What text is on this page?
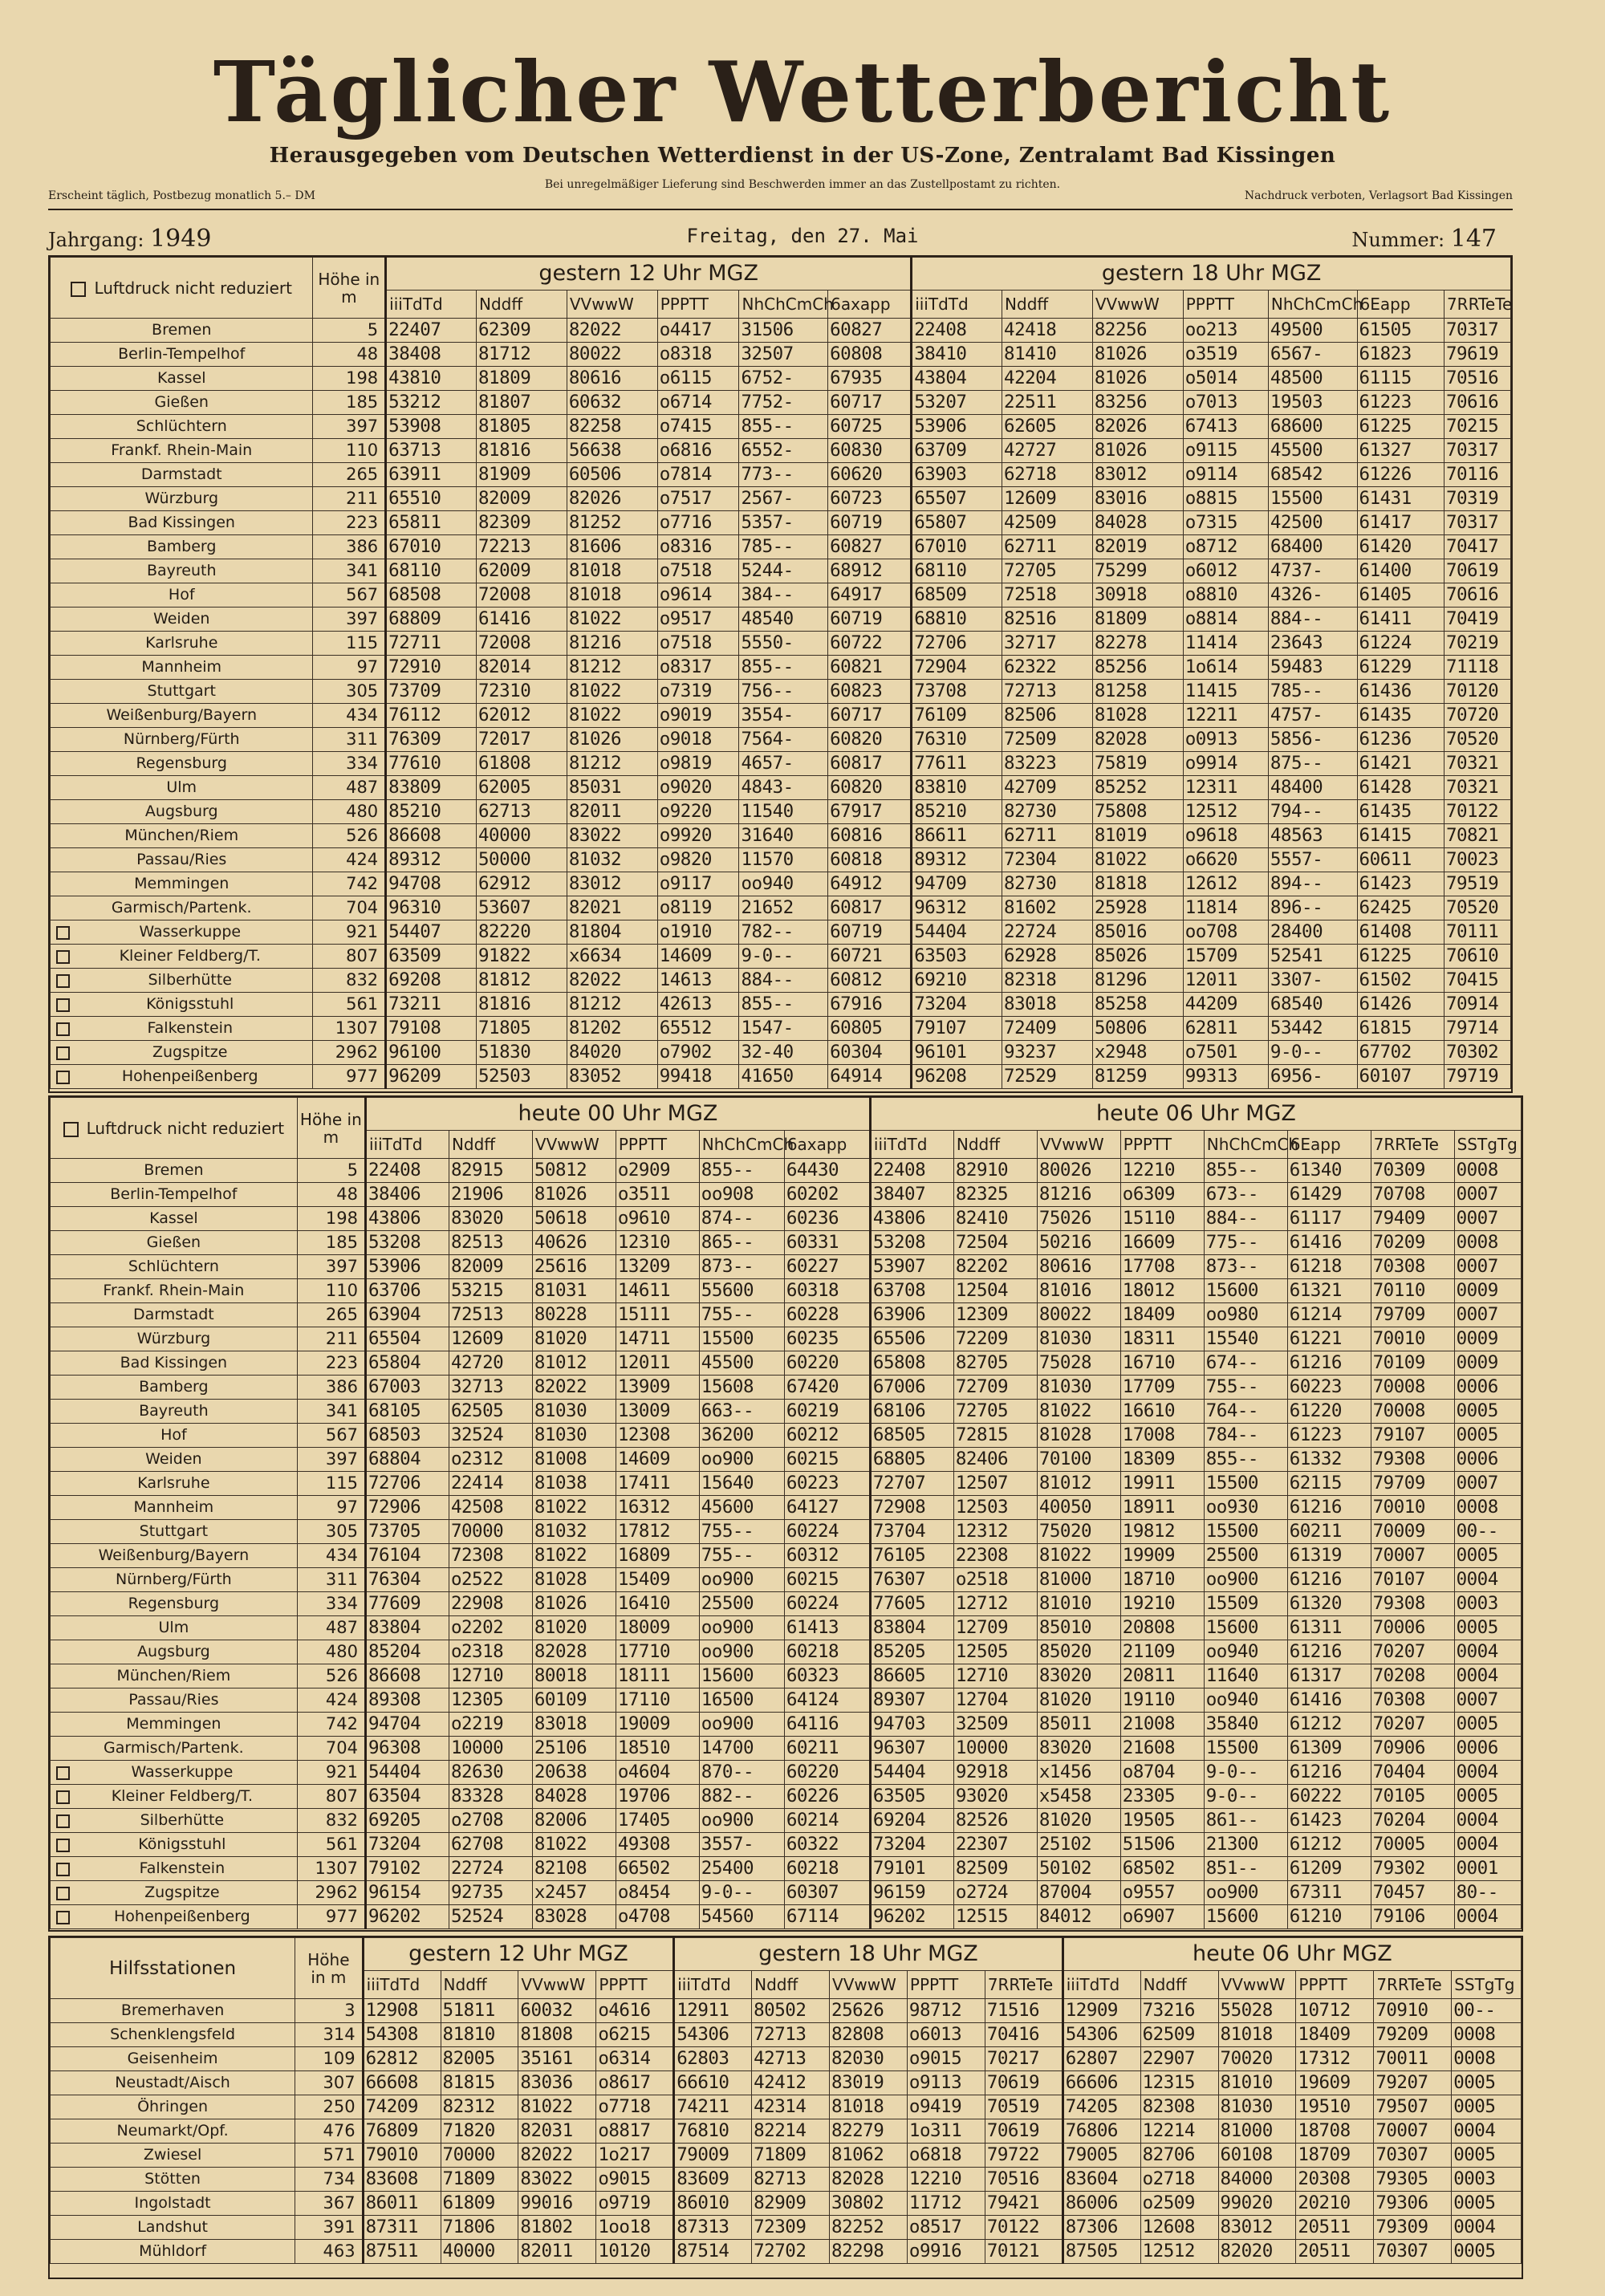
Täglicher Wetterbericht
Herausgegeben vom Deutschen Wetterdienst in der US-Zone, Zentralamt Bad Kissingen
Bei unregelmäßiger Lieferung sind Beschwerden immer an das Zustellpostamt zu richten.
Erscheint täglich, Postbezug monatlich 5.– DM	Nachdruck verboten, Verlagsort Bad Kissingen
Jahrgang: 1949	Freitag, den 27. Mai	Nummer: 147
Luftdruck nicht reduziert	Höhe in m	gestern 12 Uhr MGZ						gestern 18 Uhr MGZ						
		iiiTdTd	Nddff	VVwwW	PPPTT	NhChCmCh	6axapp	iiiTdTd	Nddff	VVwwW	PPPTT	NhChCmCh	6Eapp	7RRTeTe
Bremen	5	22407	62309	82022	o4417	31506	60827	22408	42418	82256	oo213	49500	61505	70317
Berlin-Tempelhof	48	38408	81712	80022	o8318	32507	60808	38410	81410	81026	o3519	6567-	61823	79619
Kassel	198	43810	81809	80616	o6115	6752-	67935	43804	42204	81026	o5014	48500	61115	70516
Gießen	185	53212	81807	60632	o6714	7752-	60717	53207	22511	83256	o7013	19503	61223	70616
Schlüchtern	397	53908	81805	82258	o7415	855--	60725	53906	62605	82026	67413	68600	61225	70215
Frankf. Rhein-Main	110	63713	81816	56638	o6816	6552-	60830	63709	42727	81026	o9115	45500	61327	70317
Darmstadt	265	63911	81909	60506	o7814	773--	60620	63903	62718	83012	o9114	68542	61226	70116
Würzburg	211	65510	82009	82026	o7517	2567-	60723	65507	12609	83016	o8815	15500	61431	70319
Bad Kissingen	223	65811	82309	81252	o7716	5357-	60719	65807	42509	84028	o7315	42500	61417	70317
Bamberg	386	67010	72213	81606	o8316	785--	60827	67010	62711	82019	o8712	68400	61420	70417
Bayreuth	341	68110	62009	81018	o7518	5244-	68912	68110	72705	75299	o6012	4737-	61400	70619
Hof	567	68508	72008	81018	o9614	384--	64917	68509	72518	30918	o8810	4326-	61405	70616
Weiden	397	68809	61416	81022	o9517	48540	60719	68810	82516	81809	o8814	884--	61411	70419
Karlsruhe	115	72711	72008	81216	o7518	5550-	60722	72706	32717	82278	11414	23643	61224	70219
Mannheim	97	72910	82014	81212	o8317	855--	60821	72904	62322	85256	1o614	59483	61229	71118
Stuttgart	305	73709	72310	81022	o7319	756--	60823	73708	72713	81258	11415	785--	61436	70120
Weißenburg/Bayern	434	76112	62012	81022	o9019	3554-	60717	76109	82506	81028	12211	4757-	61435	70720
Nürnberg/Fürth	311	76309	72017	81026	o9018	7564-	60820	76310	72509	82028	o0913	5856-	61236	70520
Regensburg	334	77610	61808	81212	o9819	4657-	60817	77611	83223	75819	o9914	875--	61421	70321
Ulm	487	83809	62005	85031	o9020	4843-	60820	83810	42709	85252	12311	48400	61428	70321
Augsburg	480	85210	62713	82011	o9220	11540	67917	85210	82730	75808	12512	794--	61435	70122
München/Riem	526	86608	40000	83022	o9920	31640	60816	86611	62711	81019	o9618	48563	61415	70821
Passau/Ries	424	89312	50000	81032	o9820	11570	60818	89312	72304	81022	o6620	5557-	60611	70023
Memmingen	742	94708	62912	83012	o9117	oo940	64912	94709	82730	81818	12612	894--	61423	79519
Garmisch/Partenk.	704	96310	53607	82021	o8119	21652	60817	96312	81602	25928	11814	896--	62425	70520

Wasserkuppe	921	54407	82220	81804	o1910	782--	60719	54404	22724	85016	oo708	28400	61408	70111

Kleiner Feldberg/T.	807	63509	91822	x6634	14609	9-0--	60721	63503	62928	85026	15709	52541	61225	70610

Silberhütte	832	69208	81812	82022	14613	884--	60812	69210	82318	81296	12011	3307-	61502	70415

Königsstuhl	561	73211	81816	81212	42613	855--	67916	73204	83018	85258	44209	68540	61426	70914

Falkenstein	1307	79108	71805	81202	65512	1547-	60805	79107	72409	50806	62811	53442	61815	79714

Zugspitze	2962	96100	51830	84020	o7902	32-40	60304	96101	93237	x2948	o7501	9-0--	67702	70302

Hohenpeißenberg	977	96209	52503	83052	99418	41650	64914	96208	72529	81259	99313	6956-	60107	79719
Luftdruck nicht reduziert	Höhe in m	heute 00 Uhr MGZ						heute 06 Uhr MGZ							
		iiiTdTd	Nddff	VVwwW	PPPTT	NhChCmCh	6axapp	iiiTdTd	Nddff	VVwwW	PPPTT	NhChCmCh	6Eapp	7RRTeTe	SSTgTg
Bremen	5	22408	82915	50812	o2909	855--	64430	22408	82910	80026	12210	855--	61340	70309	0008
Berlin-Tempelhof	48	38406	21906	81026	o3511	oo908	60202	38407	82325	81216	o6309	673--	61429	70708	0007
Kassel	198	43806	83020	50618	o9610	874--	60236	43806	82410	75026	15110	884--	61117	79409	0007
Gießen	185	53208	82513	40626	12310	865--	60331	53208	72504	50216	16609	775--	61416	70209	0008
Schlüchtern	397	53906	82009	25616	13209	873--	60227	53907	82202	80616	17708	873--	61218	70308	0007
Frankf. Rhein-Main	110	63706	53215	81031	14611	55600	60318	63708	12504	81016	18012	15600	61321	70110	0009
Darmstadt	265	63904	72513	80228	15111	755--	60228	63906	12309	80022	18409	oo980	61214	79709	0007
Würzburg	211	65504	12609	81020	14711	15500	60235	65506	72209	81030	18311	15540	61221	70010	0009
Bad Kissingen	223	65804	42720	81012	12011	45500	60220	65808	82705	75028	16710	674--	61216	70109	0009
Bamberg	386	67003	32713	82022	13909	15608	67420	67006	72709	81030	17709	755--	60223	70008	0006
Bayreuth	341	68105	62505	81030	13009	663--	60219	68106	72705	81022	16610	764--	61220	70008	0005
Hof	567	68503	32524	81030	12308	36200	60212	68505	72815	81028	17008	784--	61223	79107	0005
Weiden	397	68804	o2312	81008	14609	oo900	60215	68805	82406	70100	18309	855--	61332	79308	0006
Karlsruhe	115	72706	22414	81038	17411	15640	60223	72707	12507	81012	19911	15500	62115	79709	0007
Mannheim	97	72906	42508	81022	16312	45600	64127	72908	12503	40050	18911	oo930	61216	70010	0008
Stuttgart	305	73705	70000	81032	17812	755--	60224	73704	12312	75020	19812	15500	60211	70009	00--
Weißenburg/Bayern	434	76104	72308	81022	16809	755--	60312	76105	22308	81022	19909	25500	61319	70007	0005
Nürnberg/Fürth	311	76304	o2522	81028	15409	oo900	60215	76307	o2518	81000	18710	oo900	61216	70107	0004
Regensburg	334	77609	22908	81026	16410	25500	60224	77605	12712	81010	19210	15509	61320	79308	0003
Ulm	487	83804	o2202	81020	18009	oo900	61413	83804	12709	85010	20808	15600	61311	70006	0005
Augsburg	480	85204	o2318	82028	17710	oo900	60218	85205	12505	85020	21109	oo940	61216	70207	0004
München/Riem	526	86608	12710	80018	18111	15600	60323	86605	12710	83020	20811	11640	61317	70208	0004
Passau/Ries	424	89308	12305	60109	17110	16500	64124	89307	12704	81020	19110	oo940	61416	70308	0007
Memmingen	742	94704	o2219	83018	19009	oo900	64116	94703	32509	85011	21008	35840	61212	70207	0005
Garmisch/Partenk.	704	96308	10000	25106	18510	14700	60211	96307	10000	83020	21608	15500	61309	70906	0006

Wasserkuppe	921	54404	82630	20638	o4604	870--	60220	54404	92918	x1456	o8704	9-0--	61216	70404	0004

Kleiner Feldberg/T.	807	63504	83328	84028	19706	882--	60226	63505	93020	x5458	23305	9-0--	60222	70105	0005

Silberhütte	832	69205	o2708	82006	17405	oo900	60214	69204	82526	81020	19505	861--	61423	70204	0004

Königsstuhl	561	73204	62708	81022	49308	3557-	60322	73204	22307	25102	51506	21300	61212	70005	0004

Falkenstein	1307	79102	22724	82108	66502	25400	60218	79101	82509	50102	68502	851--	61209	79302	0001

Zugspitze	2962	96154	92735	x2457	o8454	9-0--	60307	96159	o2724	87004	o9557	oo900	67311	70457	80--

Hohenpeißenberg	977	96202	52524	83028	o4708	54560	67114	96202	12515	84012	o6907	15600	61210	79106	0004
Hilfsstationen	Höhe in m	gestern 12 Uhr MGZ				gestern 18 Uhr MGZ					heute 06 Uhr MGZ					
		iiiTdTd	Nddff	VVwwW	PPPTT	iiiTdTd	Nddff	VVwwW	PPPTT	7RRTeTe	iiiTdTd	Nddff	VVwwW	PPPTT	7RRTeTe	SSTgTg
Bremerhaven	3	12908	51811	60032	o4616	12911	80502	25626	98712	71516	12909	73216	55028	10712	70910	00--
Schenklengsfeld	314	54308	81810	81808	o6215	54306	72713	82808	o6013	70416	54306	62509	81018	18409	79209	0008
Geisenheim	109	62812	82005	35161	o6314	62803	42713	82030	o9015	70217	62807	22907	70020	17312	70011	0008
Neustadt/Aisch	307	66608	81815	83036	o8617	66610	42412	83019	o9113	70619	66606	12315	81010	19609	79207	0005
Öhringen	250	74209	82312	81022	o7718	74211	42314	81018	o9419	70519	74205	82308	81030	19510	79507	0005
Neumarkt/Opf.	476	76809	71820	82031	o8817	76810	82214	82279	1o311	70619	76806	12214	81000	18708	70007	0004
Zwiesel	571	79010	70000	82022	1o217	79009	71809	81062	o6818	79722	79005	82706	60108	18709	70307	0005
Stötten	734	83608	71809	83022	o9015	83609	82713	82028	12210	70516	83604	o2718	84000	20308	79305	0003
Ingolstadt	367	86011	61809	99016	o9719	86010	82909	30802	11712	79421	86006	o2509	99020	20210	79306	0005
Landshut	391	87311	71806	81802	1oo18	87313	72309	82252	o8517	70122	87306	12608	83012	20511	79309	0004
Mühldorf	463	87511	40000	82011	10120	87514	72702	82298	o9916	70121	87505	12512	82020	20511	70307	0005
